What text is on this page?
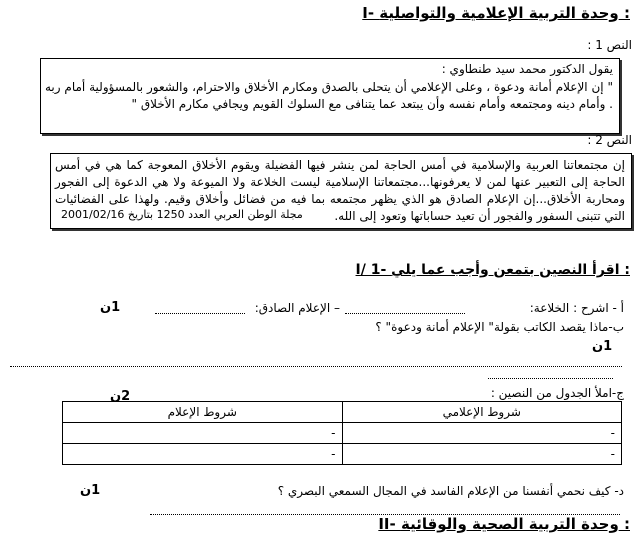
I- وحدة التربية الإعلامية والتواصلية :
النص 1 :
يقول الدكتور محمد سيد طنطاوي :
" إن الإعلام أمانة ودعوة ، وعلى الإعلامي أن يتحلى بالصدق ومكارم الأخلاق والاحترام، والشعور بالمسؤولية أمام ربه . وأمام دينه ومجتمعه وأمام نفسه وأن يبتعد عما يتنافى مع السلوك القويم ويجافي مكارم الأخلاق "
النص 2 :
إن مجتمعاتنا العربية والإسلامية في أمس الحاجة لمن ينشر فيها الفضيلة ويقوم الأخلاق المعوجة كما هي في أمس الحاجة إلى التعبير عنها لمن لا يعرفونها...مجتمعاتنا الإسلامية ليست الخلاعة ولا الميوعة ولا هي الدعوة إلى الفجور ومحاربة الأخلاق...إن الإعلام الصادق هو الذي يظهر مجتمعه بما فيه من فضائل وأخلاق وقيم. ولهذا على الفضائيات التي تتبنى السفور والفجور أن تعيد حساباتها وتعود إلى الله.
مجلة الوطن العربي العدد 1250 بتاريخ 2001/02/16
I/ 1- اقرأ النصين بتمعن وأجب عما يلي :
أ - اشرح : الخلاعة:
– الإعلام الصادق:
1ن
ب-ماذا يقصد الكاتب بقولة" الإعلام أمانة ودعوة" ؟
1ن
ج-املأ الجدول من النصين :
2ن
شروط الإعلامي	شروط الإعلام
-	-
-	-
د- كيف نحمي أنفسنا من الإعلام الفاسد في المجال السمعي البصري ؟
1ن
II- وحدة التربية الصحية والوقائية :
